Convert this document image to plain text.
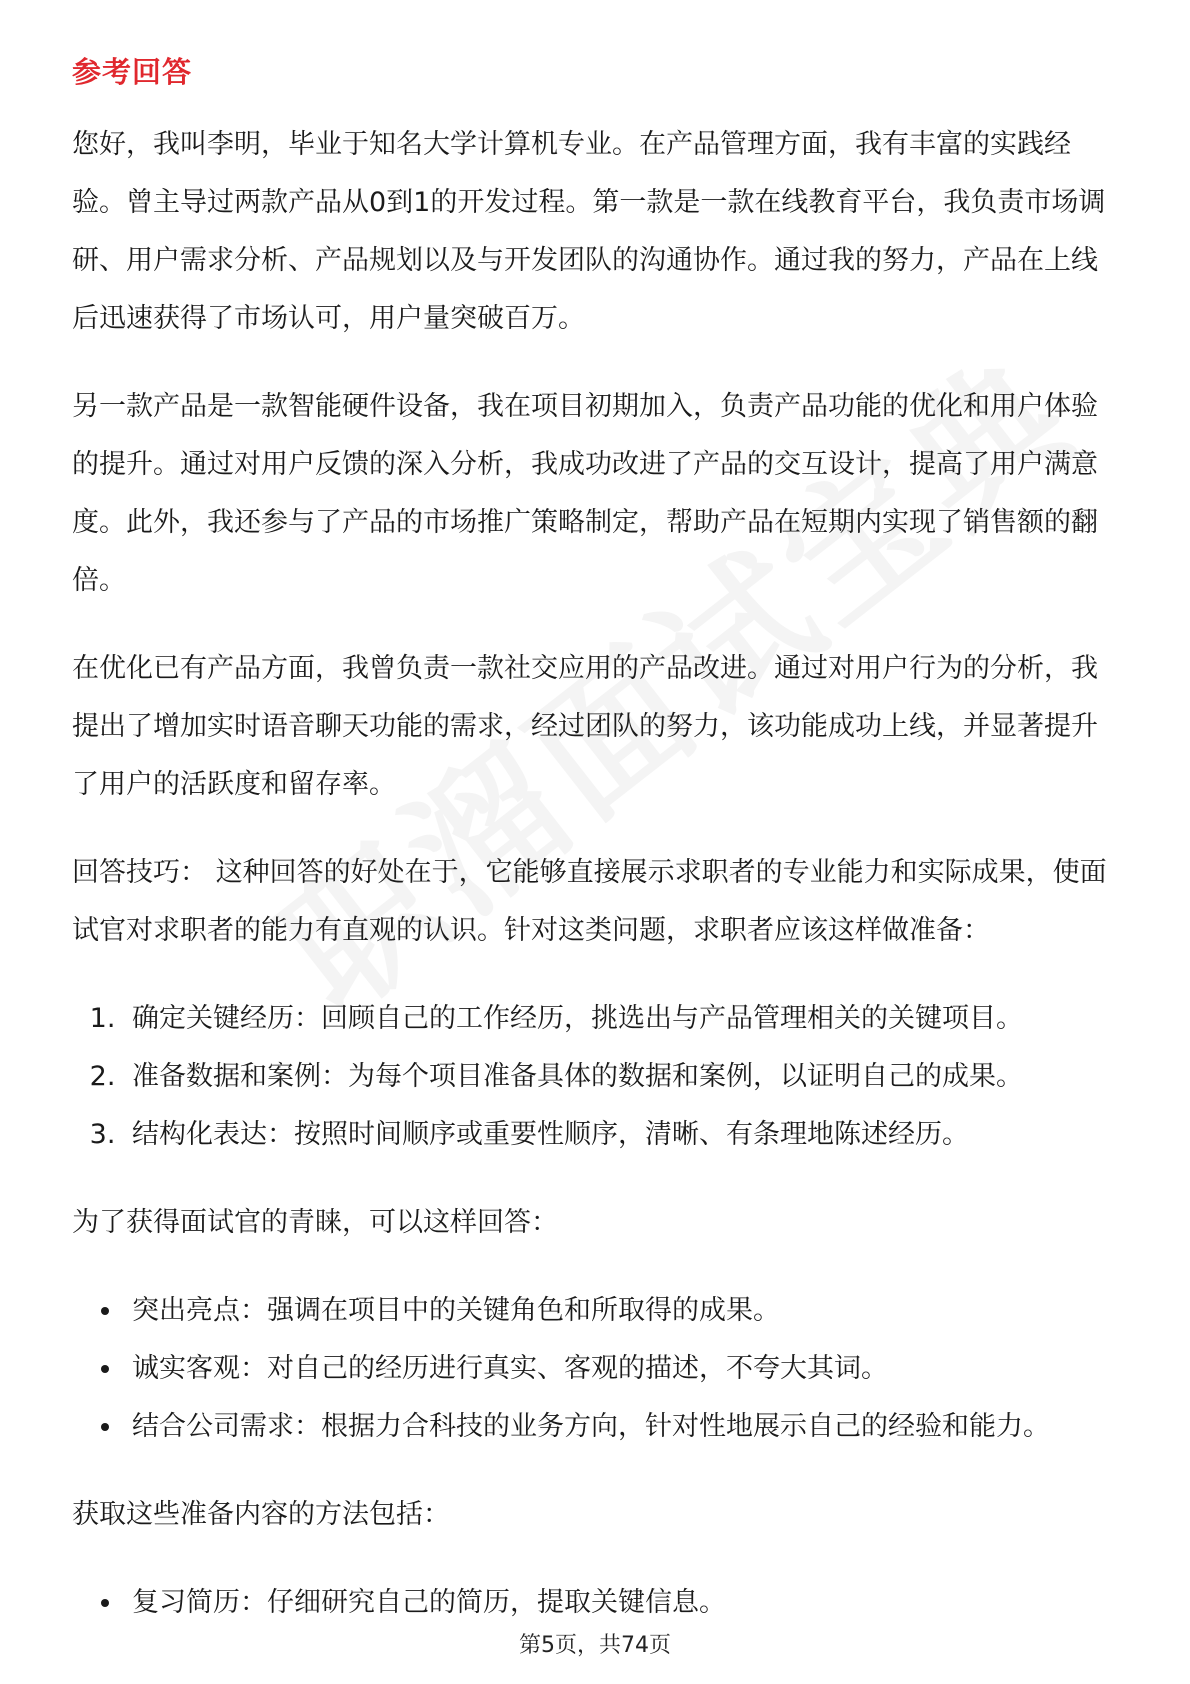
参考回答

您好，我叫李明，毕业于知名大学计算机专业。在产品管理方面，我有丰富的实践经验。曾主导过两款产品从0到1的开发过程。第一款是一款在线教育平台，我负责市场调研、用户需求分析、产品规划以及与开发团队的沟通协作。通过我的努力，产品在上线后迅速获得了市场认可，用户量突破百万。

另一款产品是一款智能硬件设备，我在项目初期加入，负责产品功能的优化和用户体验的提升。通过对用户反馈的深入分析，我成功改进了产品的交互设计，提高了用户满意度。此外，我还参与了产品的市场推广策略制定，帮助产品在短期内实现了销售额的翻倍。

在优化已有产品方面，我曾负责一款社交应用的产品改进。通过对用户行为的分析，我提出了增加实时语音聊天功能的需求，经过团队的努力，该功能成功上线，并显著提升了用户的活跃度和留存率。

回答技巧： 这种回答的好处在于，它能够直接展示求职者的专业能力和实际成果，使面试官对求职者的能力有直观的认识。针对这类问题，求职者应该这样做准备：

1. 确定关键经历：回顾自己的工作经历，挑选出与产品管理相关的关键项目。
2. 准备数据和案例：为每个项目准备具体的数据和案例，以证明自己的成果。
3. 结构化表达：按照时间顺序或重要性顺序，清晰、有条理地陈述经历。

为了获得面试官的青睐，可以这样回答：

• 突出亮点：强调在项目中的关键角色和所取得的成果。
• 诚实客观：对自己的经历进行真实、客观的描述，不夸大其词。
• 结合公司需求：根据力合科技的业务方向，针对性地展示自己的经验和能力。

获取这些准备内容的方法包括：

• 复习简历：仔细研究自己的简历，提取关键信息。
第5页，共74页
